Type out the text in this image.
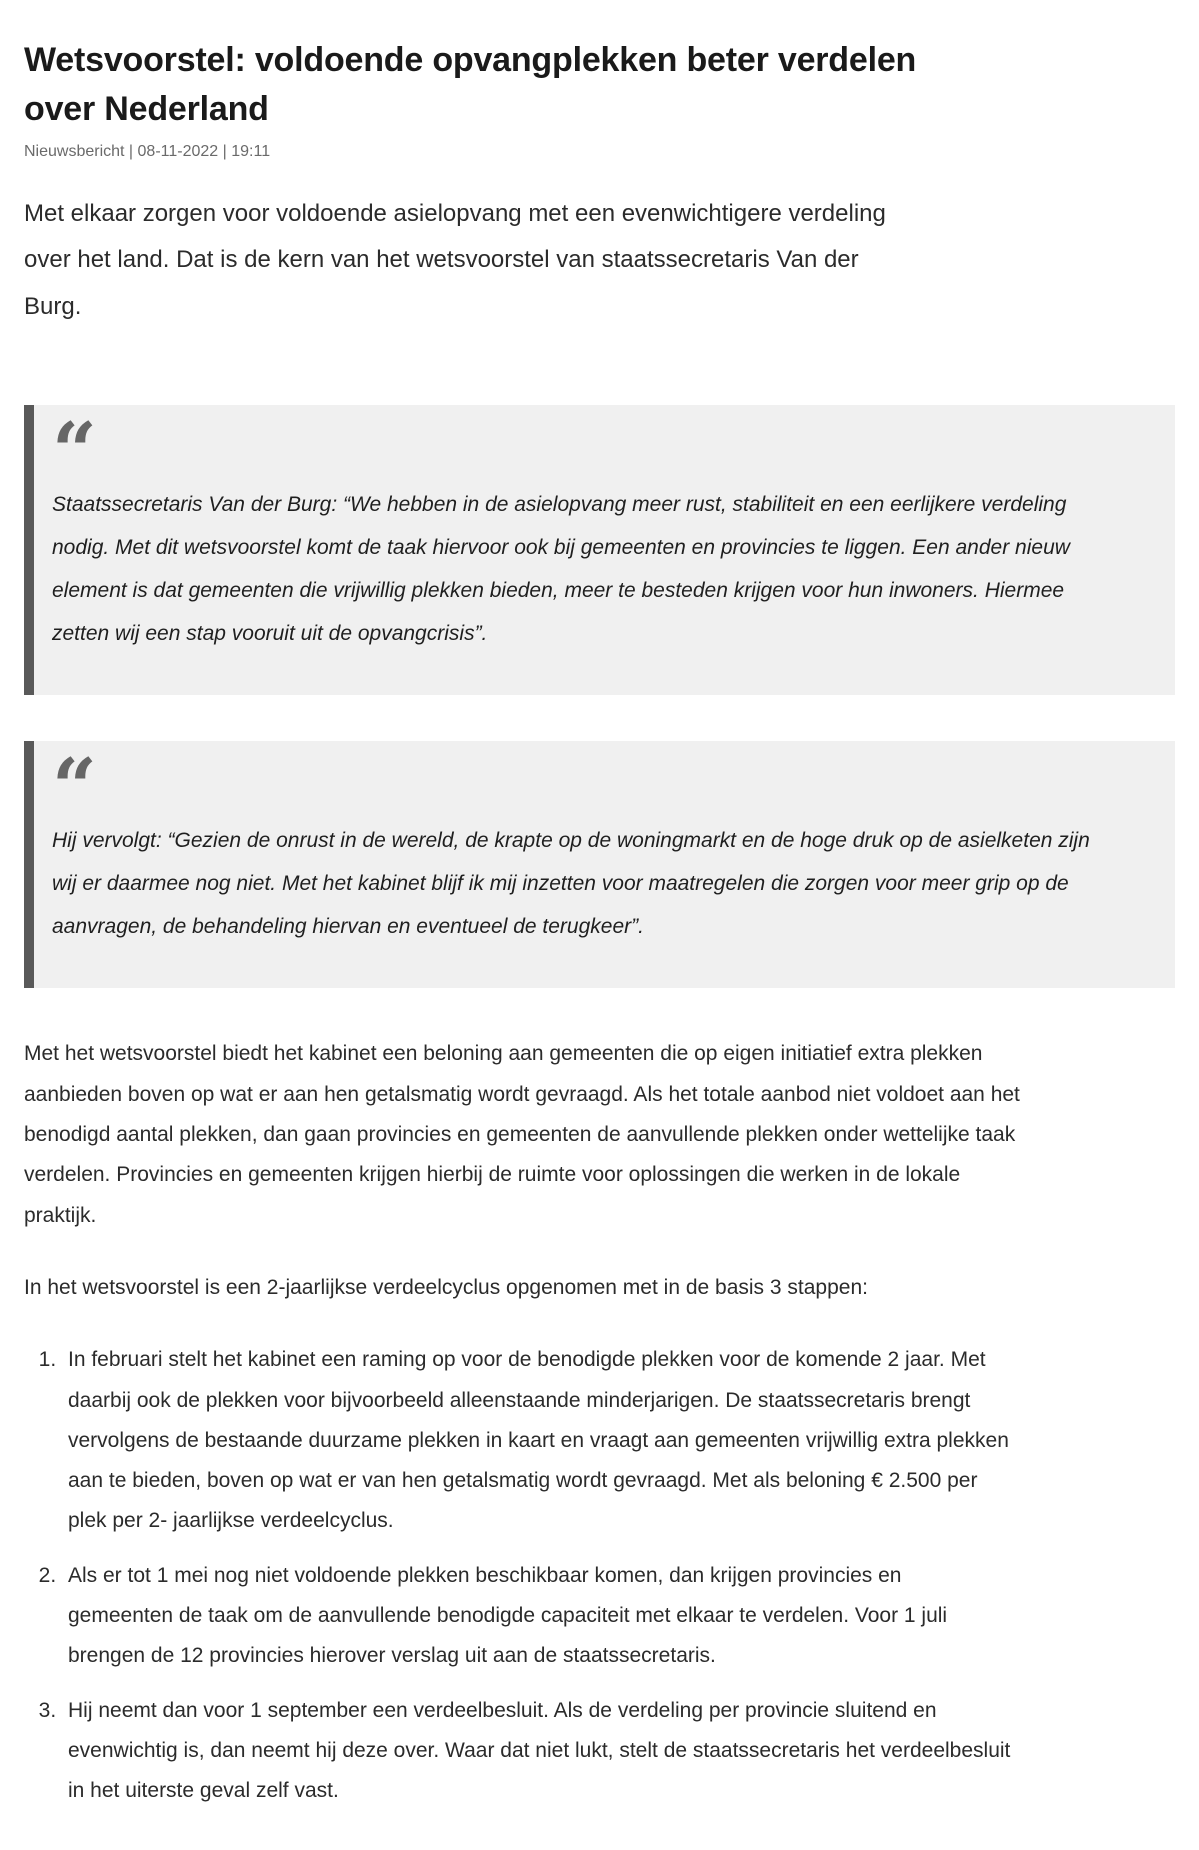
Wetsvoorstel: voldoende opvangplekken beter verdelen over Nederland

Nieuwsbericht | 08-11-2022 | 19:11

Met elkaar zorgen voor voldoende asielopvang met een evenwichtigere verdeling over het land. Dat is de kern van het wetsvoorstel van staatssecretaris Van der Burg.

“

Staatssecretaris Van der Burg: “We hebben in de asielopvang meer rust, stabiliteit en een eerlijkere verdeling nodig. Met dit wetsvoorstel komt de taak hiervoor ook bij gemeenten en provincies te liggen. Een ander nieuw element is dat gemeenten die vrijwillig plekken bieden, meer te besteden krijgen voor hun inwoners. Hiermee zetten wij een stap vooruit uit de opvangcrisis”.

“

Hij vervolgt: “Gezien de onrust in de wereld, de krapte op de woningmarkt en de hoge druk op de asielketen zijn wij er daarmee nog niet. Met het kabinet blijf ik mij inzetten voor maatregelen die zorgen voor meer grip op de aanvragen, de behandeling hiervan en eventueel de terugkeer”.

Met het wetsvoorstel biedt het kabinet een beloning aan gemeenten die op eigen initiatief extra plekken aanbieden boven op wat er aan hen getalsmatig wordt gevraagd. Als het totale aanbod niet voldoet aan het benodigd aantal plekken, dan gaan provincies en gemeenten de aanvullende plekken onder wettelijke taak verdelen. Provincies en gemeenten krijgen hierbij de ruimte voor oplossingen die werken in de lokale praktijk.

In het wetsvoorstel is een 2-jaarlijkse verdeelcyclus opgenomen met in de basis 3 stappen:

1. In februari stelt het kabinet een raming op voor de benodigde plekken voor de komende 2 jaar. Met daarbij ook de plekken voor bijvoorbeeld alleenstaande minderjarigen. De staatssecretaris brengt vervolgens de bestaande duurzame plekken in kaart en vraagt aan gemeenten vrijwillig extra plekken aan te bieden, boven op wat er van hen getalsmatig wordt gevraagd. Met als beloning € 2.500 per plek per 2- jaarlijkse verdeelcyclus.
2. Als er tot 1 mei nog niet voldoende plekken beschikbaar komen, dan krijgen provincies en gemeenten de taak om de aanvullende benodigde capaciteit met elkaar te verdelen. Voor 1 juli brengen de 12 provincies hierover verslag uit aan de staatssecretaris.
3. Hij neemt dan voor 1 september een verdeelbesluit. Als de verdeling per provincie sluitend en evenwichtig is, dan neemt hij deze over. Waar dat niet lukt, stelt de staatssecretaris het verdeelbesluit in het uiterste geval zelf vast.
